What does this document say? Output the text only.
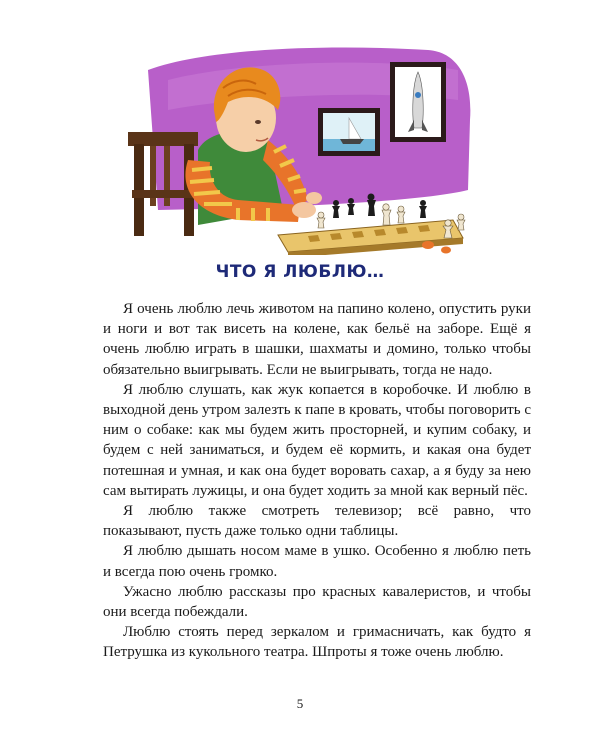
ЧТО Я ЛЮБЛЮ…

Я очень люблю лечь животом на папино колено, опустить руки и ноги и вот так висеть на колене, как бельё на заборе. Ещё я очень люблю играть в шашки, шахматы и домино, только чтобы обязательно выигрывать. Если не выигрывать, тогда не надо.

Я люблю слушать, как жук копается в коробочке. И люблю в выходной день утром залезть к папе в кровать, чтобы поговорить с ним о собаке: как мы будем жить просторней, и купим собаку, и будем с ней заниматься, и будем её кормить, и какая она будет потешная и умная, и как она будет воровать сахар, а я буду за нею сам вытирать лужицы, и она будет ходить за мной как верный пёс.

Я люблю также смотреть телевизор; всё равно, что показывают, пусть даже только одни таблицы.

Я люблю дышать носом маме в ушко. Особенно я люблю петь и всегда пою очень громко.

Ужасно люблю рассказы про красных кавалеристов, и чтобы они всегда побеждали.

Люблю стоять перед зеркалом и гримасничать, как будто я Петрушка из кукольного театра. Шпроты я тоже очень люблю.

5
